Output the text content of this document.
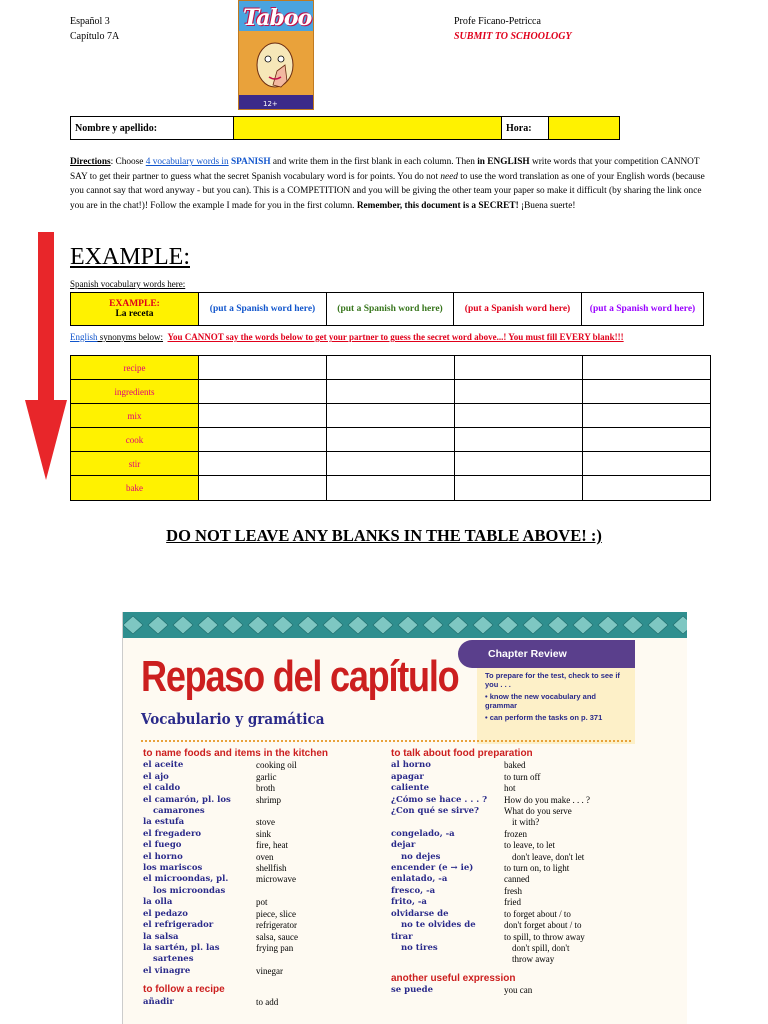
Español 3
Capítulo 7A
Profe Ficano-Petricca
SUBMIT TO SCHOOLOGY
Taboo
12+
Nombre y apellido:	Hora:
Directions: Choose 4 vocabulary words in SPANISH and write them in the first blank in each column. Then in ENGLISH write words that your competition CANNOT SAY to get their partner to guess what the secret Spanish vocabulary word is for points. You do not need to use the word translation as one of your English words (because you cannot say that word anyway - but you can). This is a COMPETITION and you will be giving the other team your paper so make it difficult (by sharing the link once you are in the chat!)! Follow the example I made for you in the first column. Remember, this document is a SECRET! ¡Buena suerte!
EXAMPLE:
Spanish vocabulary words here:
EXAMPLE:
La receta	(put a Spanish word here)	(put a Spanish word here)	(put a Spanish word here)	(put a Spanish word here)
English synonyms below: You CANNOT say the words below to get your partner to guess the secret word above...! You must fill EVERY blank!!!
recipe
ingredients
mix
cook
stir
bake
DO NOT LEAVE ANY BLANKS IN THE TABLE ABOVE! :)
Chapter Review
Repaso del capítulo
Vocabulario y gramática
To prepare for the test, check to see if you . . .
• know the new vocabulary and grammar
• can perform the tasks on p. 371
to name foods and items in the kitchen
el aceite	cooking oil
el ajo	garlic
el caldo	broth
el camarón, pl. los	shrimp
camarones
la estufa	stove
el fregadero	sink
el fuego	fire, heat
el horno	oven
los mariscos	shellfish
el microondas, pl.	microwave
los microondas
la olla	pot
el pedazo	piece, slice
el refrigerador	refrigerator
la salsa	salsa, sauce
la sartén, pl. las	frying pan
sartenes
el vinagre	vinegar
to follow a recipe
añadir	to add
to talk about food preparation
al horno	baked
apagar	to turn off
caliente	hot
¿Cómo se hace . . . ?	How do you make . . . ?
¿Con qué se sirve?	What do you serve
it with?
congelado, -a	frozen
dejar	to leave, to let
no dejes	don't leave, don't let
encender (e → ie)	to turn on, to light
enlatado, -a	canned
fresco, -a	fresh
frito, -a	fried
olvidarse de	to forget about / to
no te olvides de	don't forget about / to
tirar	to spill, to throw away
no tires	don't spill, don't
throw away
another useful expression
se puede	you can
